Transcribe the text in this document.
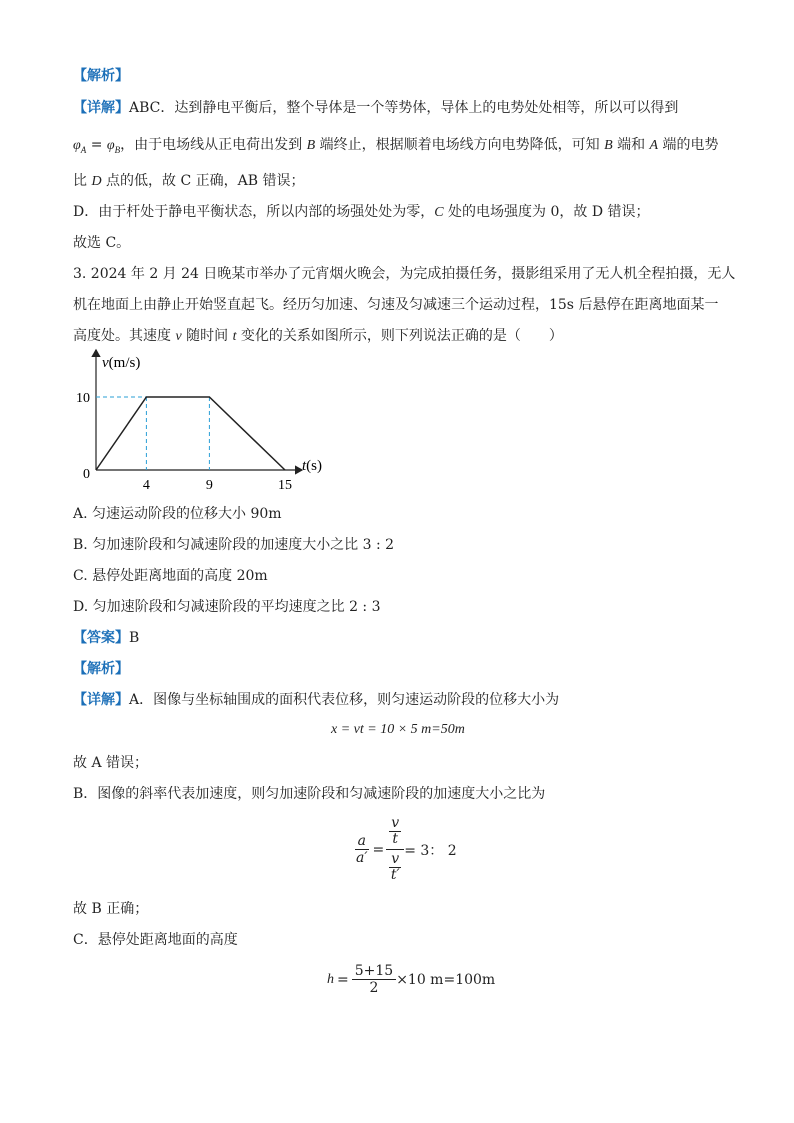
【解析】
【详解】ABC．达到静电平衡后，整个导体是一个等势体，导体上的电势处处相等，所以可以得到
$\varphi_A = \varphi_B$，由于电场线从正电荷出发到 B 端终止，根据顺着电场线方向电势降低，可知 B 端和 A 端的电势
比 D 点的低，故 C 正确，AB 错误；
D．由于杆处于静电平衡状态，所以内部的场强处处为零，C 处的电场强度为 0，故 D 错误；
故选 C。
3. 2024 年 2 月 24 日晚某市举办了元宵烟火晚会，为完成拍摄任务，摄影组采用了无人机全程拍摄，无人
机在地面上由静止开始竖直起飞。经历匀加速、匀速及匀减速三个运动过程，15s 后悬停在距离地面某一
高度处。其速度 v 随时间 t 变化的关系如图所示，则下列说法正确的是（　　）
4	9	15
10
v(m/s)
t(s)
0
A. 匀速运动阶段的位移大小 90m
B. 匀加速阶段和匀减速阶段的加速度大小之比 3 : 2
C. 悬停处距离地面的高度 20m
D. 匀加速阶段和匀减速阶段的平均速度之比 2 : 3
【答案】B
【解析】
【详解】A．图像与坐标轴围成的面积代表位移，则匀速运动阶段的位移大小为
x = vt = 10 × 5 m=50m
故 A 错误；
B．图像的斜率代表加速度，则匀加速阶段和匀减速阶段的加速度大小之比为
$\frac{a}{a'} = v$
t
v
t′ = 3： 2
故 B 正确；
C．悬停处距离地面的高度
$h = \frac{5+15}{2} \times 10$ m=100m
